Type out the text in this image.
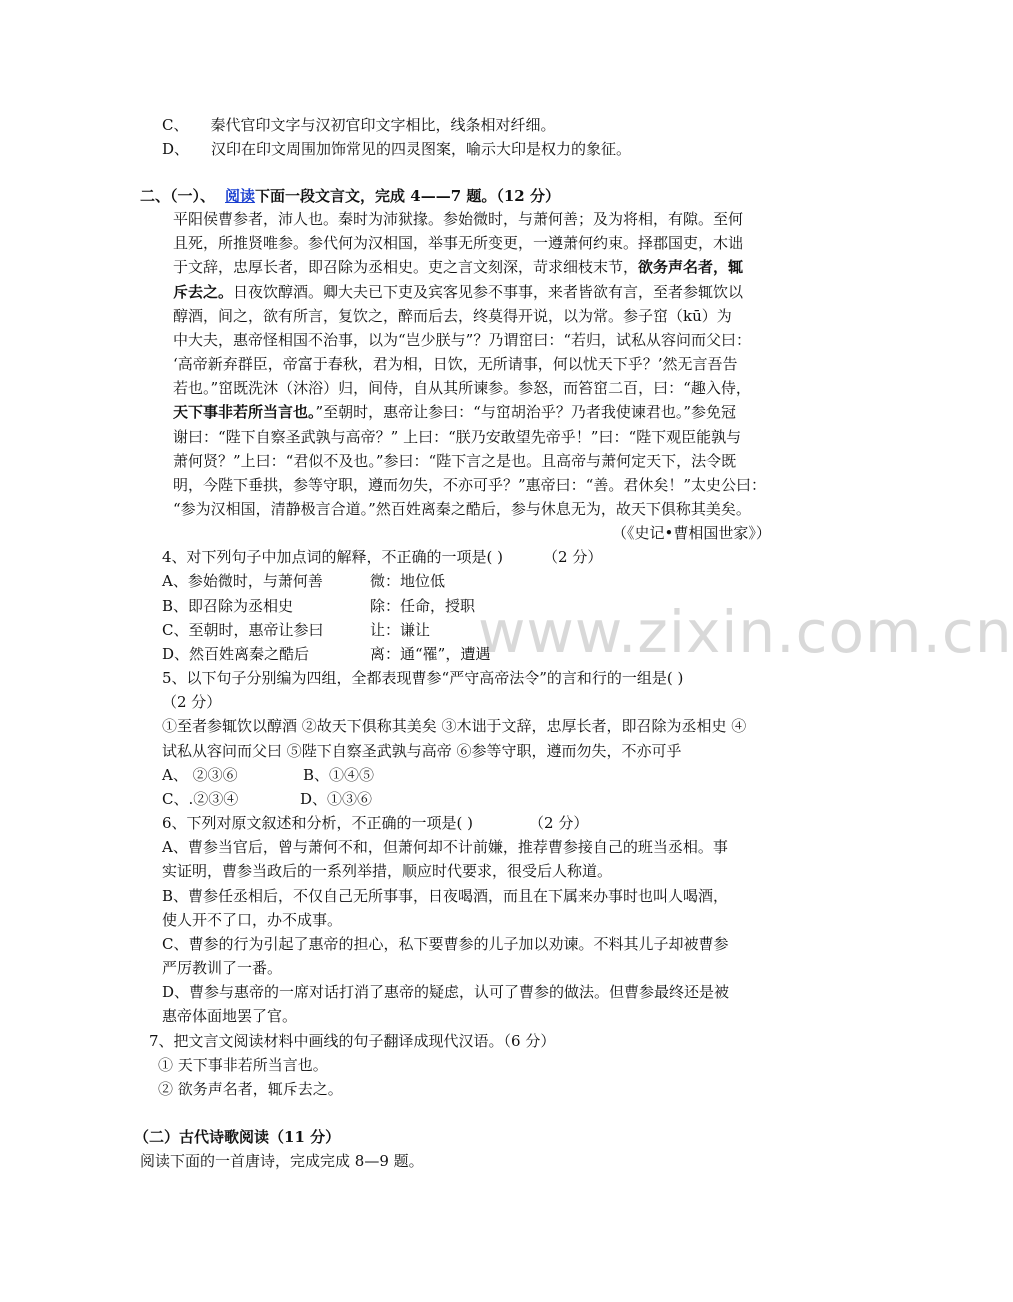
www.zixin.com.cn
C、 秦代官印文字与汉初官印文字相比，线条相对纤细。
D、 汉印在印文周围加饰常见的四灵图案，喻示大印是权力的象征。
二、（一）、 阅读下面一段文言文，完成 4——7 题。（12 分）
平阳侯曹参者，沛人也。秦时为沛狱掾。参始微时，与萧何善；及为将相，有隙。至何
且死，所推贤唯参。参代何为汉相国，举事无所变更，一遵萧何约束。择郡国吏，木诎
于文辞，忠厚长者，即召除为丞相史。吏之言文刻深，苛求细枝末节，欲务声名者，辄
斥去之。日夜饮醇酒。卿大夫已下吏及宾客见参不事事，来者皆欲有言，至者参辄饮以
醇酒，间之，欲有所言，复饮之，醉而后去，终莫得开说，以为常。参子窋（kū）为
中大夫，惠帝怪相国不治事，以为“岂少朕与”？乃谓窋曰：“若归，试私从容问而父曰：
‘高帝新弃群臣，帝富于春秋，君为相，日饮，无所请事，何以忧天下乎？’然无言吾告
若也。”窋既洗沐（沐浴）归，间侍，自从其所谏参。参怒，而笞窋二百，曰：“趣入侍，
天下事非若所当言也。”至朝时，惠帝让参曰：“与窋胡治乎？乃者我使谏君也。”参免冠
谢曰：“陛下自察圣武孰与高帝？” 上曰：“朕乃安敢望先帝乎！”曰：“陛下观臣能孰与
萧何贤？”上曰：“君似不及也。”参曰：“陛下言之是也。且高帝与萧何定天下，法令既
明，今陛下垂拱，参等守职，遵而勿失，不亦可乎？”惠帝曰：“善。君休矣！”太史公曰：
“参为汉相国，清静极言合道。”然百姓离秦之酷后，参与休息无为，故天下俱称其美矣。
（《史记•曹相国世家》）
4、对下列句子中加点词的解释，不正确的一项是( )	（2 分）
A、参始微时，与萧何善	微：地位低
B、即召除为丞相史	除：任命，授职
C、至朝时，惠帝让参曰	让：谦让
D、然百姓离秦之酷后	离：通“罹”，遭遇
5、以下句子分别编为四组，全都表现曹参“严守高帝法令”的言和行的一组是( )
（2 分）
①至者参辄饮以醇酒 ②故天下俱称其美矣 ③木诎于文辞，忠厚长者，即召除为丞相史 ④
试私从容问而父曰 ⑤陛下自察圣武孰与高帝 ⑥参等守职，遵而勿失，不亦可乎
A、 ②③⑥	B、①④⑤
C、.②③④	D、①③⑥
6、下列对原文叙述和分析，不正确的一项是( )	（2 分）
A、曹参当官后，曾与萧何不和，但萧何却不计前嫌，推荐曹参接自己的班当丞相。事
实证明，曹参当政后的一系列举措，顺应时代要求，很受后人称道。
B、曹参任丞相后，不仅自己无所事事，日夜喝酒，而且在下属来办事时也叫人喝酒，
使人开不了口，办不成事。
C、曹参的行为引起了惠帝的担心，私下要曹参的儿子加以劝谏。不料其儿子却被曹参
严厉教训了一番。
D、曹参与惠帝的一席对话打消了惠帝的疑虑，认可了曹参的做法。但曹参最终还是被
惠帝体面地罢了官。
7、把文言文阅读材料中画线的句子翻译成现代汉语。（6 分）
① 天下事非若所当言也。
② 欲务声名者，辄斥去之。
（二）古代诗歌阅读（11 分）
阅读下面的一首唐诗，完成完成 8—9 题。
